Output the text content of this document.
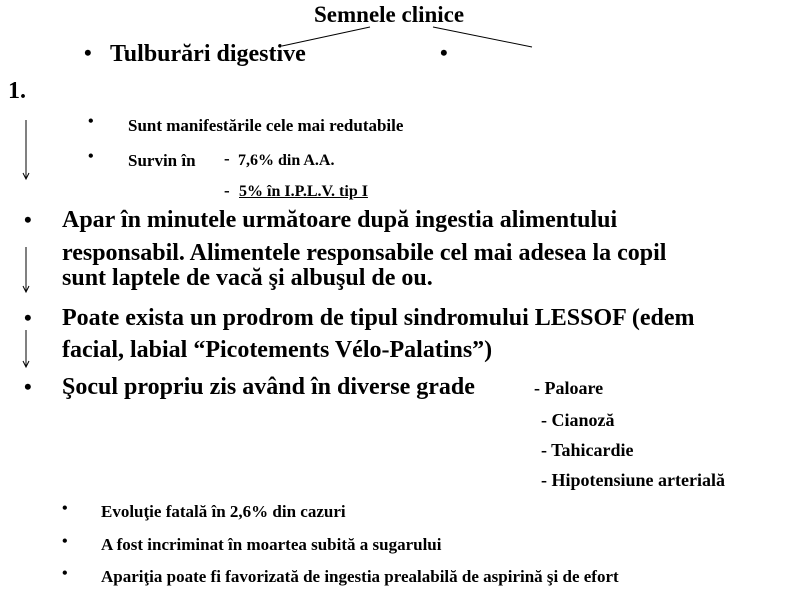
Semnele clinice
• Tulburări digestive	•
1.
• Sunt manifestările cele mai redutabile
• Survin în - 7,6% din A.A.
- 5% în I.P.L.V. tip I
• Apar în minutele următoare după ingestia alimentului
responsabil. Alimentele responsabile cel mai adesea la copil
sunt laptele de vacă şi albuşul de ou.
• Poate exista un prodrom de tipul sindromului LESSOF (edem
facial, labial “Picotements Vélo-Palatins”)
• Şocul propriu zis având în diverse grade	- Paloare
- Cianoză
- Tahicardie
- Hipotensiune arterială
• Evoluţie fatală în 2,6% din cazuri
• A fost incriminat în moartea subită a sugarului
• Apariţia poate fi favorizată de ingestia prealabilă de aspirină şi de efort
